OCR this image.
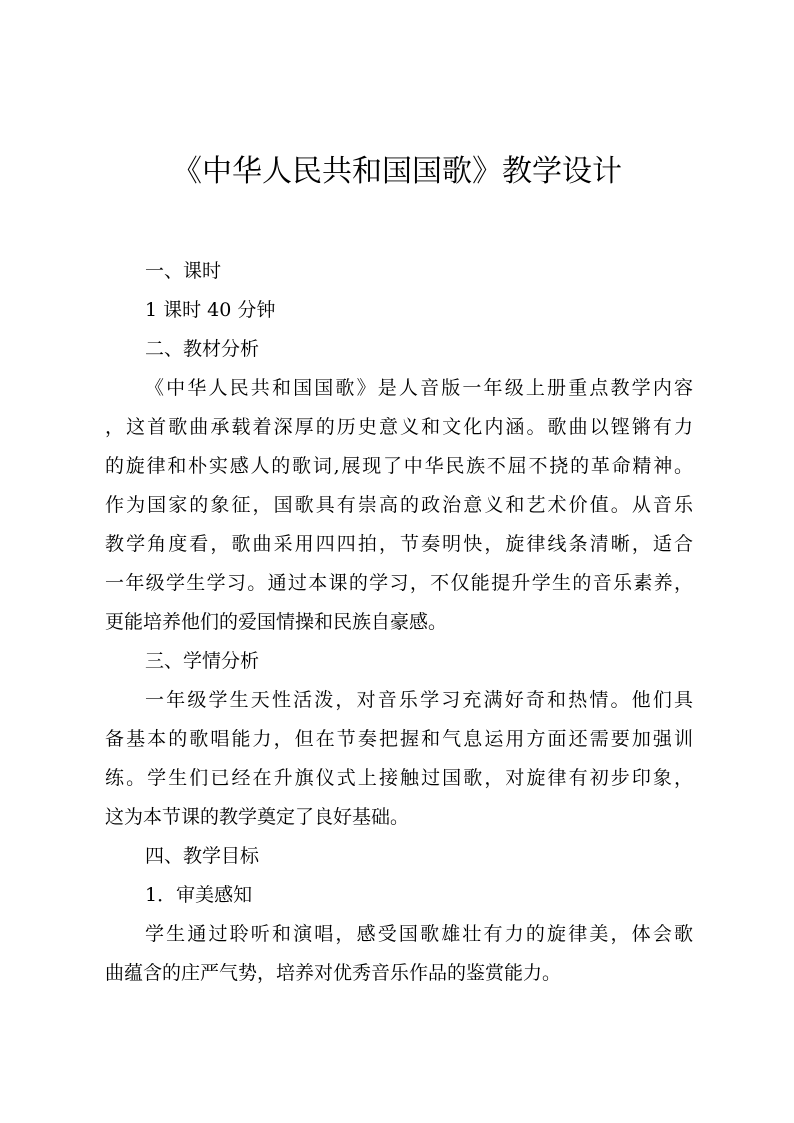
《中华人民共和国国歌》教学设计
一、课时
1 课时 40 分钟
二、教材分析
《中华人民共和国国歌》是人音版一年级上册重点教学内容
，这首歌曲承载着深厚的历史意义和文化内涵。歌曲以铿锵有力
的旋律和朴实感人的歌词,展现了中华民族不屈不挠的革命精神。
作为国家的象征，国歌具有崇高的政治意义和艺术价值。从音乐
教学角度看，歌曲采用四四拍，节奏明快，旋律线条清晰，适合
一年级学生学习。通过本课的学习，不仅能提升学生的音乐素养，
更能培养他们的爱国情操和民族自豪感。
三、学情分析
一年级学生天性活泼，对音乐学习充满好奇和热情。他们具
备基本的歌唱能力，但在节奏把握和气息运用方面还需要加强训
练。学生们已经在升旗仪式上接触过国歌，对旋律有初步印象，
这为本节课的教学奠定了良好基础。
四、教学目标
1．审美感知
学生通过聆听和演唱，感受国歌雄壮有力的旋律美，体会歌
曲蕴含的庄严气势，培养对优秀音乐作品的鉴赏能力。
